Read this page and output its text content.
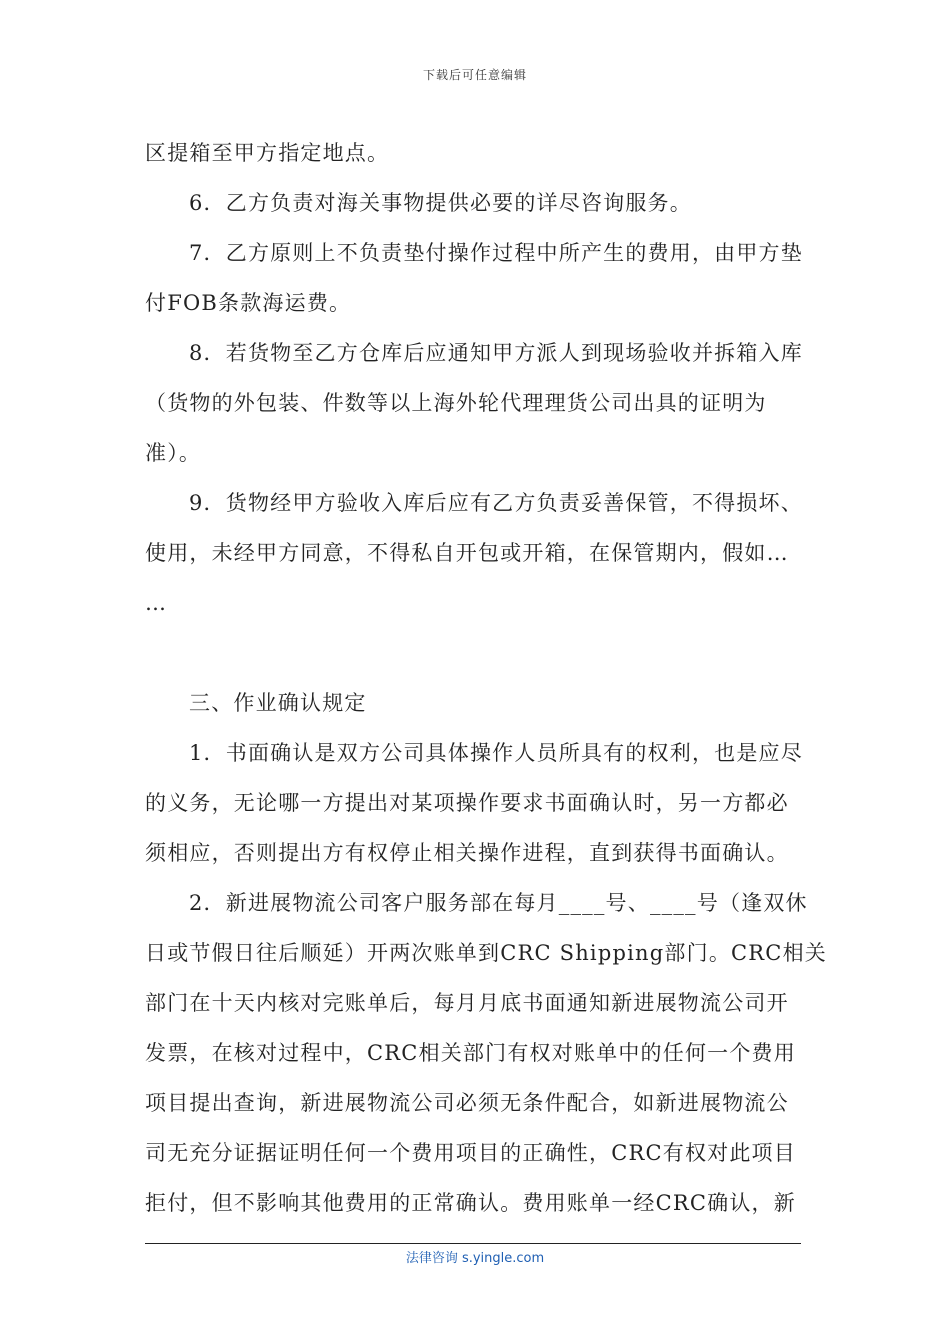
下载后可任意编辑
区提箱至甲方指定地点。
6．乙方负责对海关事物提供必要的详尽咨询服务。
7．乙方原则上不负责垫付操作过程中所产生的费用，由甲方垫
付FOB条款海运费。
8．若货物至乙方仓库后应通知甲方派人到现场验收并拆箱入库
（货物的外包装、件数等以上海外轮代理理货公司出具的证明为
准）。
9．货物经甲方验收入库后应有乙方负责妥善保管，不得损坏、
使用，未经甲方同意，不得私自开包或开箱，在保管期内，假如…
…
三、作业确认规定
1．书面确认是双方公司具体操作人员所具有的权利，也是应尽
的义务，无论哪一方提出对某项操作要求书面确认时，另一方都必
须相应，否则提出方有权停止相关操作进程，直到获得书面确认。
2．新进展物流公司客户服务部在每月____号、____号（逢双休
日或节假日往后顺延）开两次账单到CRC Shipping部门。CRC相关
部门在十天内核对完账单后，每月月底书面通知新进展物流公司开
发票，在核对过程中，CRC相关部门有权对账单中的任何一个费用
项目提出查询，新进展物流公司必须无条件配合，如新进展物流公
司无充分证据证明任何一个费用项目的正确性，CRC有权对此项目
拒付，但不影响其他费用的正常确认。费用账单一经CRC确认，新
法律咨询 s.yingle.com
